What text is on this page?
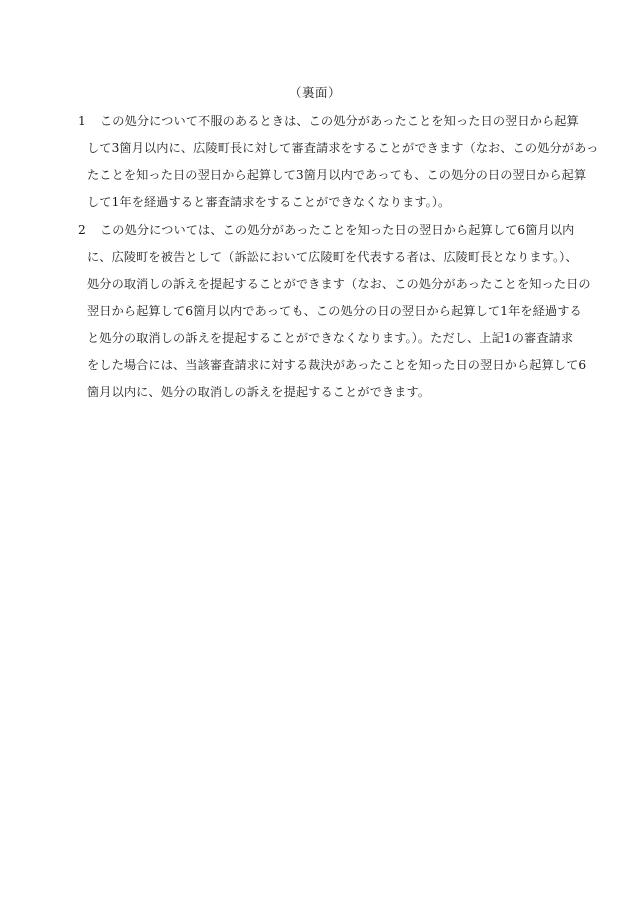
（裏面）
1 この処分について不服のあるときは、この処分があったことを知った日の翌日から起算
して3箇月以内に、広陵町長に対して審査請求をすることができます（なお、この処分があっ
たことを知った日の翌日から起算して3箇月以内であっても、この処分の日の翌日から起算
して1年を経過すると審査請求をすることができなくなります。）。
2 この処分については、この処分があったことを知った日の翌日から起算して6箇月以内
に、広陵町を被告として（訴訟において広陵町を代表する者は、広陵町長となります。）、
処分の取消しの訴えを提起することができます（なお、この処分があったことを知った日の
翌日から起算して6箇月以内であっても、この処分の日の翌日から起算して1年を経過する
と処分の取消しの訴えを提起することができなくなります。）。ただし、上記1の審査請求
をした場合には、当該審査請求に対する裁決があったことを知った日の翌日から起算して6
箇月以内に、処分の取消しの訴えを提起することができます。
